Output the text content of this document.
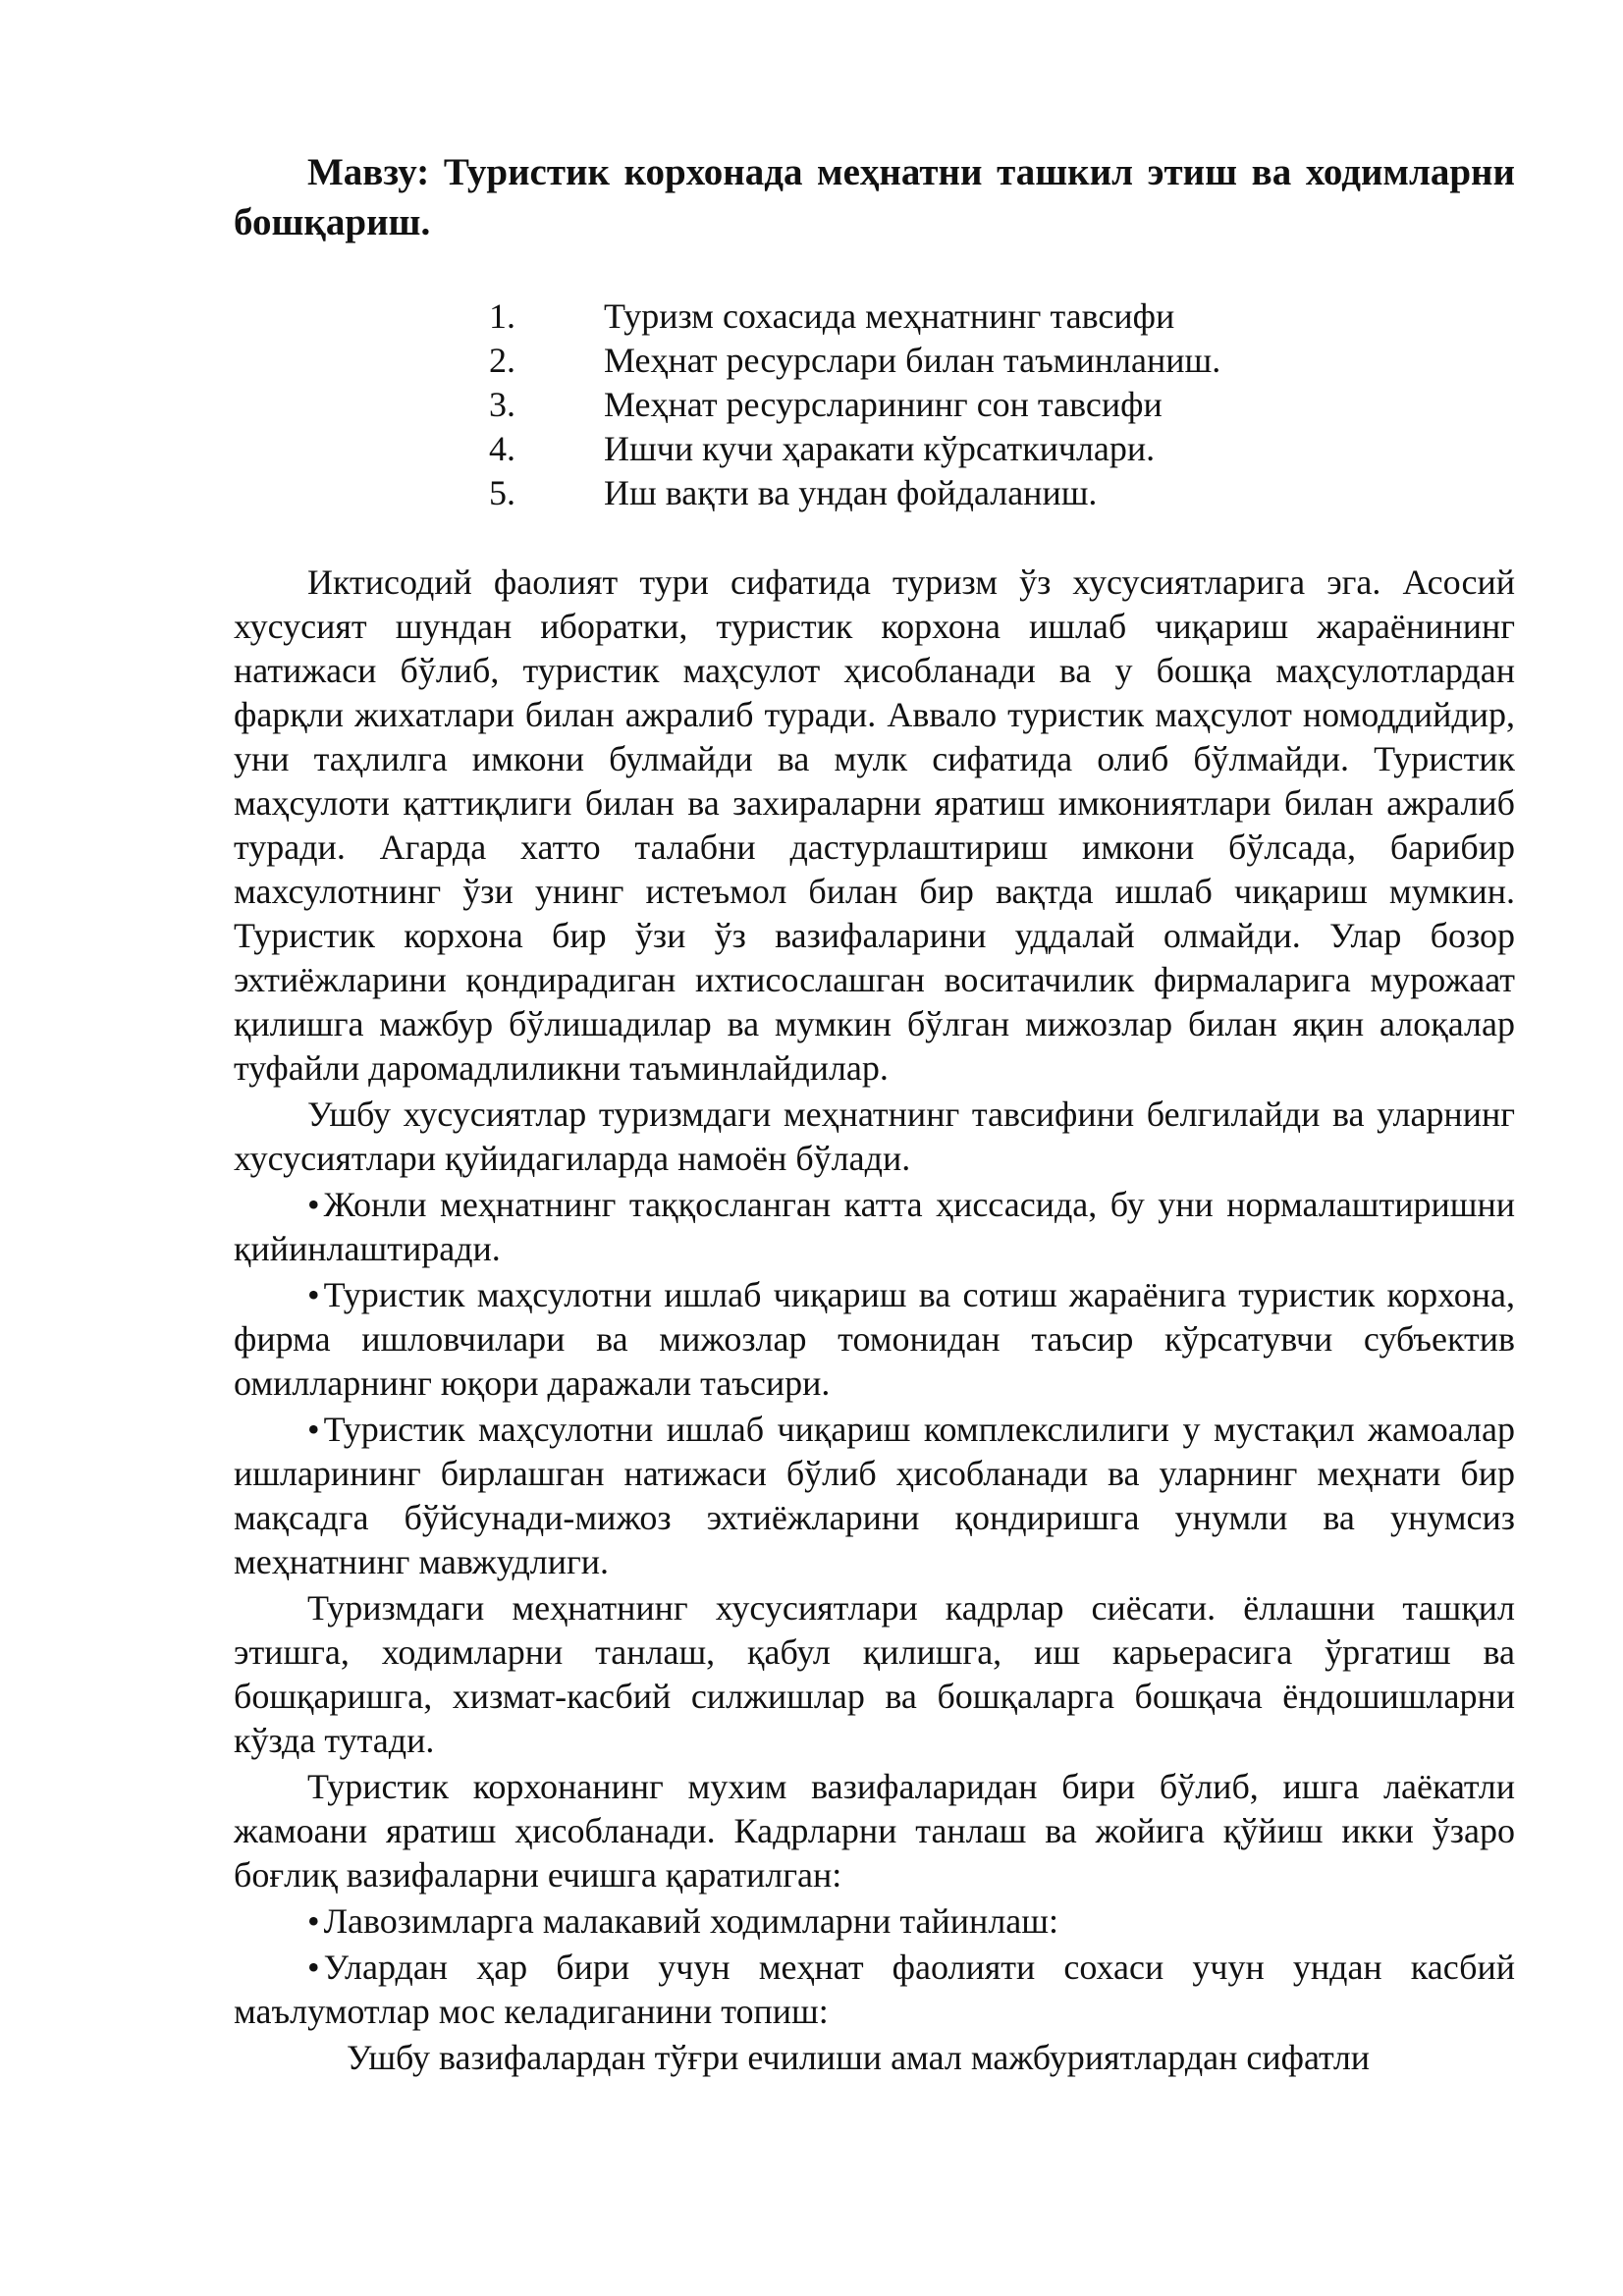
Мавзу: Туристик корхонада меҳнатни ташкил этиш ва ходимларни бошқариш.
1.	Туризм сохасида меҳнатнинг тавсифи
2.	Меҳнат ресурслари билан таъминланиш.
3.	Меҳнат ресурсларининг сон тавсифи
4.	Ишчи кучи ҳаракати кўрсаткичлари.
5.	Иш вақти ва ундан фойдаланиш.

Иктисодий фаолият тури сифатида туризм ўз хусусиятларига эга. Асосий хусусият шундан иборатки, туристик корхона ишлаб чиқариш жараёнининг натижаси бўлиб, туристик маҳсулот ҳисобланади ва у бошқа маҳсулотлардан фарқли жихатлари билан ажралиб туради. Аввало туристик маҳсулот номоддийдир, уни таҳлилга имкони булмайди ва мулк сифатида олиб бўлмайди. Туристик маҳсулоти қаттиқлиги билан ва захираларни яратиш имкониятлари билан ажралиб туради. Агарда хатто талабни дастурлаштириш имкони бўлсада, барибир махсулотнинг ўзи унинг истеъмол билан бир вақтда ишлаб чиқариш мумкин. Туристик корхона бир ўзи ўз вазифаларини уддалай олмайди. Улар бозор эхтиёжларини қондирадиган ихтисослашган воситачилик фирмаларига мурожаат қилишга мажбур бўлишадилар ва мумкин бўлган мижозлар билан яқин алоқалар туфайли даромадлиликни таъминлайдилар.

Ушбу хусусиятлар туризмдаги меҳнатнинг тавсифини белгилайди ва уларнинг хусусиятлари қуйидагиларда намоён бўлади.

• Жонли меҳнатнинг таққосланган катта ҳиссасида, бу уни нормалаштиришни қийинлаштиради.

• Туристик маҳсулотни ишлаб чиқариш ва сотиш жараёнига туристик корхона, фирма ишловчилари ва мижозлар томонидан таъсир кўрсатувчи субъектив омилларнинг юқори даражали таъсири.

• Туристик маҳсулотни ишлаб чиқариш комплекслилиги у мустақил жамоалар ишларининг бирлашган натижаси бўлиб ҳисобланади ва уларнинг меҳнати бир мақсадга бўйсунади-мижоз эхтиёжларини қондиришга унумли ва унумсиз меҳнатнинг мавжудлиги.

Туризмдаги меҳнатнинг хусусиятлари кадрлар сиёсати. ёллашни ташқил этишга, ходимларни танлаш, қабул қилишга, иш карьерасига ўргатиш ва бошқаришга, хизмат-касбий силжишлар ва бошқаларга бошқача ёндошишларни кўзда тутади.

Туристик корхонанинг мухим вазифаларидан бири бўлиб, ишга лаёкатли жамоани яратиш ҳисобланади. Кадрларни танлаш ва жойига қўйиш икки ўзаро боғлиқ вазифаларни ечишга қаратилган:

• Лавозимларга малакавий ходимларни тайинлаш:

• Улардан ҳар бири учун меҳнат фаолияти сохаси учун ундан касбий маълумотлар мос келадиганини топиш:

Ушбу вазифалардан тўғри ечилиши амал мажбуриятлардан сифатли
